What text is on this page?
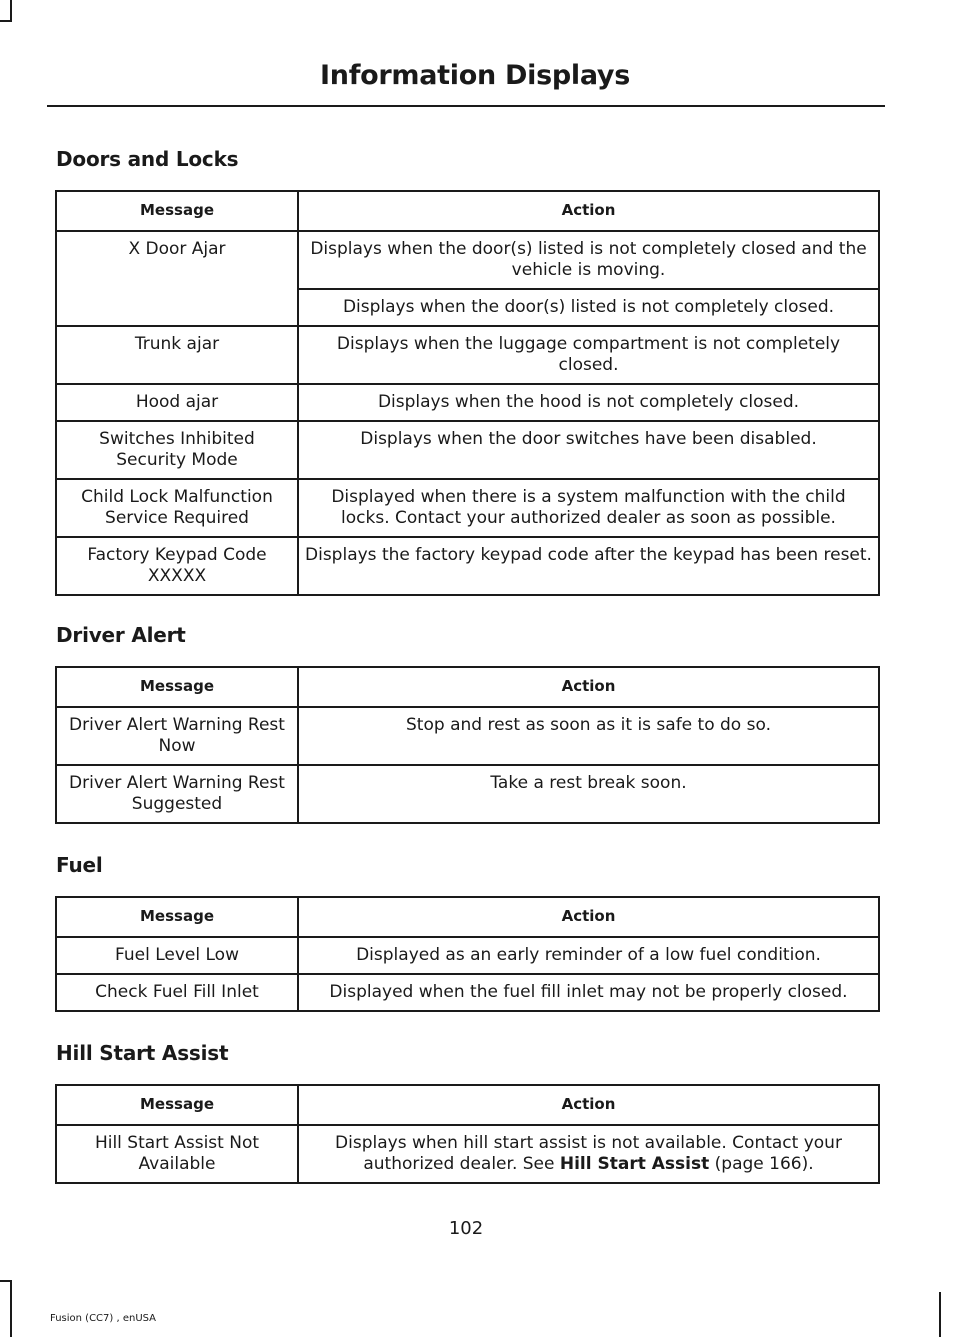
Information Displays
Doors and Locks
Message	Action
X Door Ajar	Displays when the door(s) listed is not completely closed and the vehicle is moving.
	Displays when the door(s) listed is not completely closed.
Trunk ajar	Displays when the luggage compartment is not completely closed.
Hood ajar	Displays when the hood is not completely closed.
Switches Inhibited Security Mode	Displays when the door switches have been disabled.
Child Lock Malfunction Service Required	Displayed when there is a system malfunction with the child locks. Contact your authorized dealer as soon as possible.
Factory Keypad Code XXXXX	Displays the factory keypad code after the keypad has been reset.
Driver Alert
Message	Action
Driver Alert Warning Rest Now	Stop and rest as soon as it is safe to do so.
Driver Alert Warning Rest Suggested	Take a rest break soon.
Fuel
Message	Action
Fuel Level Low	Displayed as an early reminder of a low fuel condition.
Check Fuel Fill Inlet	Displayed when the fuel fill inlet may not be properly closed.
Hill Start Assist
Message	Action
Hill Start Assist Not Available	Displays when hill start assist is not available. Contact your authorized dealer. See Hill Start Assist (page 166).
102
Fusion (CC7) , enUSA
